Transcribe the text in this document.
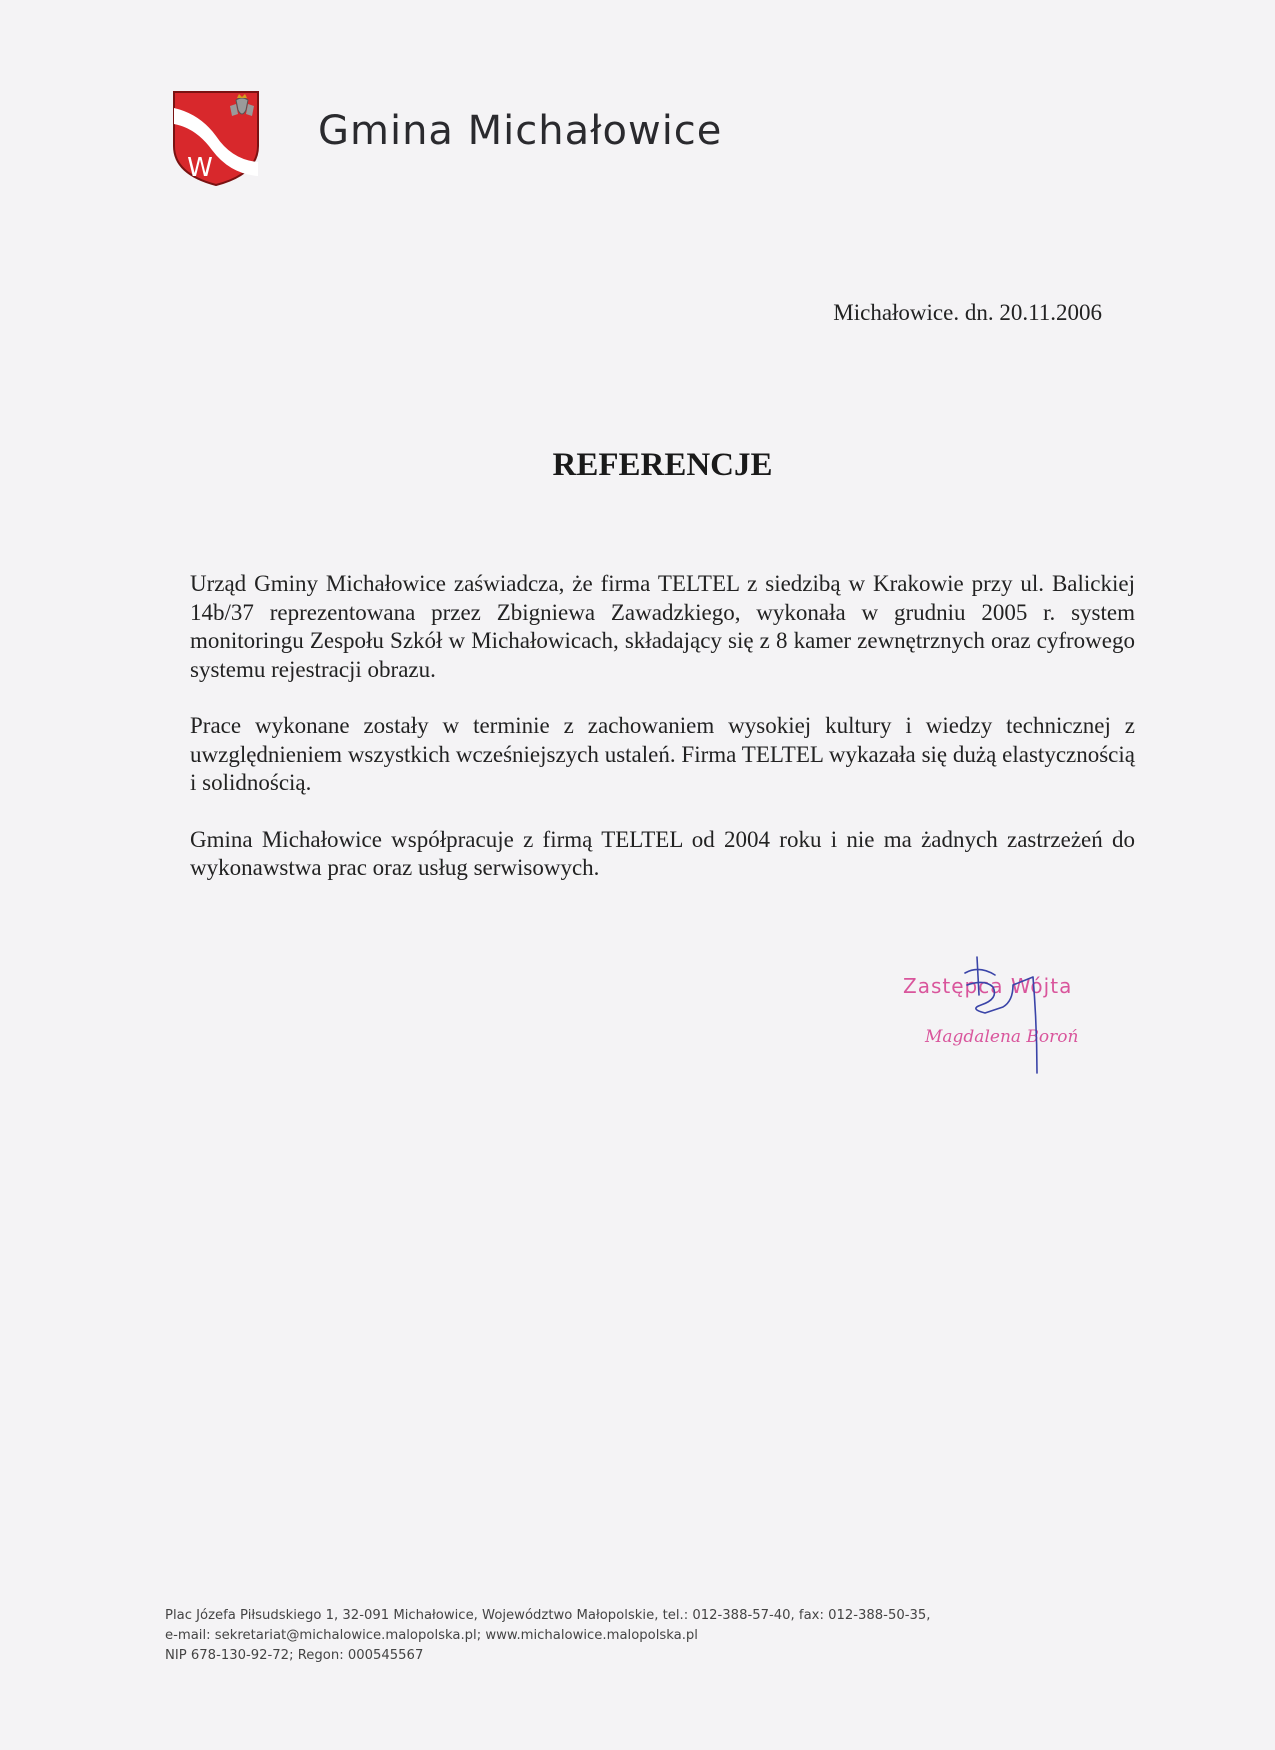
W
Gmina Michałowice
Michałowice. dn. 20.11.2006
REFERENCJE

Urząd Gminy Michałowice zaświadcza, że firma TELTEL z siedzibą w Krakowie przy ul. Balickiej 14b/37 reprezentowana przez Zbigniewa Zawadzkiego, wykonała w grudniu 2005 r. system monitoringu Zespołu Szkół w Michałowicach, składający się z 8 kamer zewnętrznych oraz cyfrowego systemu rejestracji obrazu.

Prace wykonane zostały w terminie z zachowaniem wysokiej kultury i wiedzy technicznej z uwzględnieniem wszystkich wcześniejszych ustaleń. Firma TELTEL wykazała się dużą elastycznością i solidnością.

Gmina Michałowice współpracuje z firmą TELTEL od 2004 roku i nie ma żadnych zastrzeżeń do wykonawstwa prac oraz usług serwisowych.

Zastępca Wójta
Magdalena Boroń
Plac Józefa Piłsudskiego 1, 32-091 Michałowice, Województwo Małopolskie, tel.: 012-388-57-40, fax: 012-388-50-35,
e-mail: sekretariat@michalowice.malopolska.pl; www.michalowice.malopolska.pl
NIP 678-130-92-72; Regon: 000545567
